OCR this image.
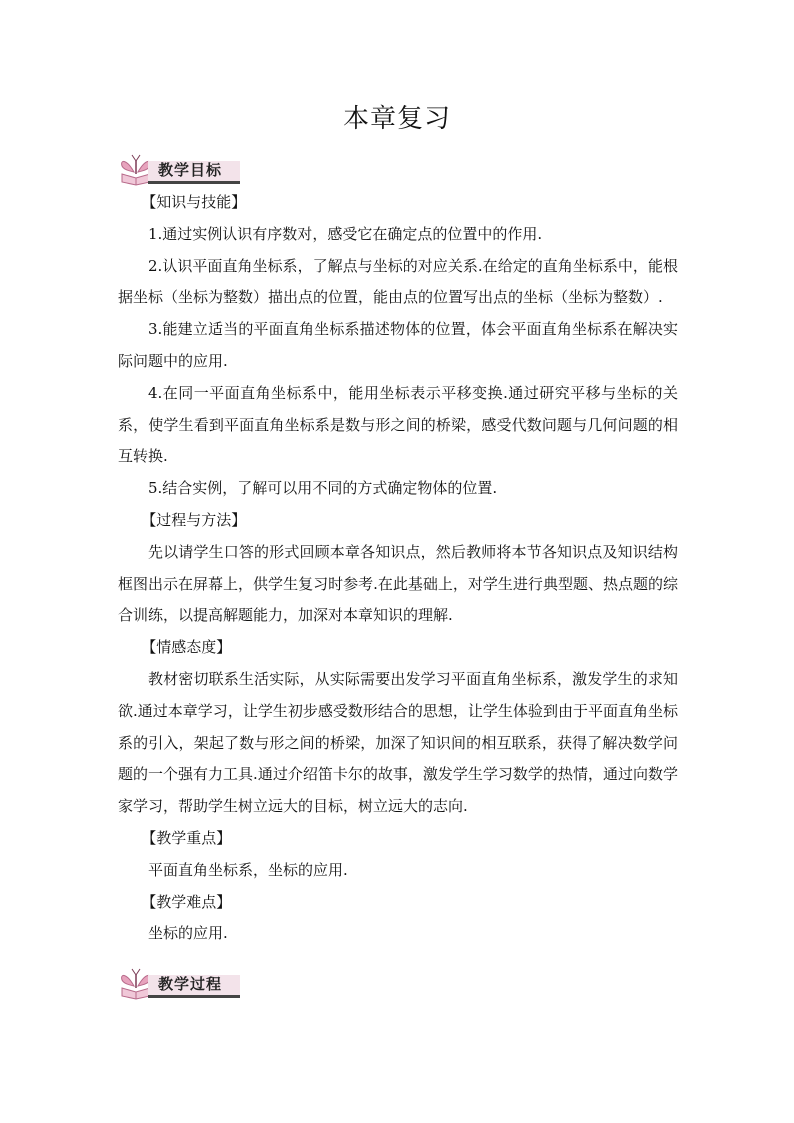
本章复习
教学目标

【知识与技能】

1.通过实例认识有序数对，感受它在确定点的位置中的作用.

2.认识平面直角坐标系，了解点与坐标的对应关系.在给定的直角坐标系中，能根据坐标（坐标为整数）描出点的位置，能由点的位置写出点的坐标（坐标为整数）.

3.能建立适当的平面直角坐标系描述物体的位置，体会平面直角坐标系在解决实际问题中的应用.

4.在同一平面直角坐标系中，能用坐标表示平移变换.通过研究平移与坐标的关系，使学生看到平面直角坐标系是数与形之间的桥梁，感受代数问题与几何问题的相互转换.

5.结合实例，了解可以用不同的方式确定物体的位置.

【过程与方法】

先以请学生口答的形式回顾本章各知识点，然后教师将本节各知识点及知识结构框图出示在屏幕上，供学生复习时参考.在此基础上，对学生进行典型题、热点题的综合训练，以提高解题能力，加深对本章知识的理解.

【情感态度】

教材密切联系生活实际，从实际需要出发学习平面直角坐标系，激发学生的求知欲.通过本章学习，让学生初步感受数形结合的思想，让学生体验到由于平面直角坐标系的引入，架起了数与形之间的桥梁，加深了知识间的相互联系，获得了解决数学问题的一个强有力工具.通过介绍笛卡尔的故事，激发学生学习数学的热情，通过向数学家学习，帮助学生树立远大的目标，树立远大的志向.

【教学重点】

平面直角坐标系，坐标的应用.

【教学难点】

坐标的应用.

教学过程
